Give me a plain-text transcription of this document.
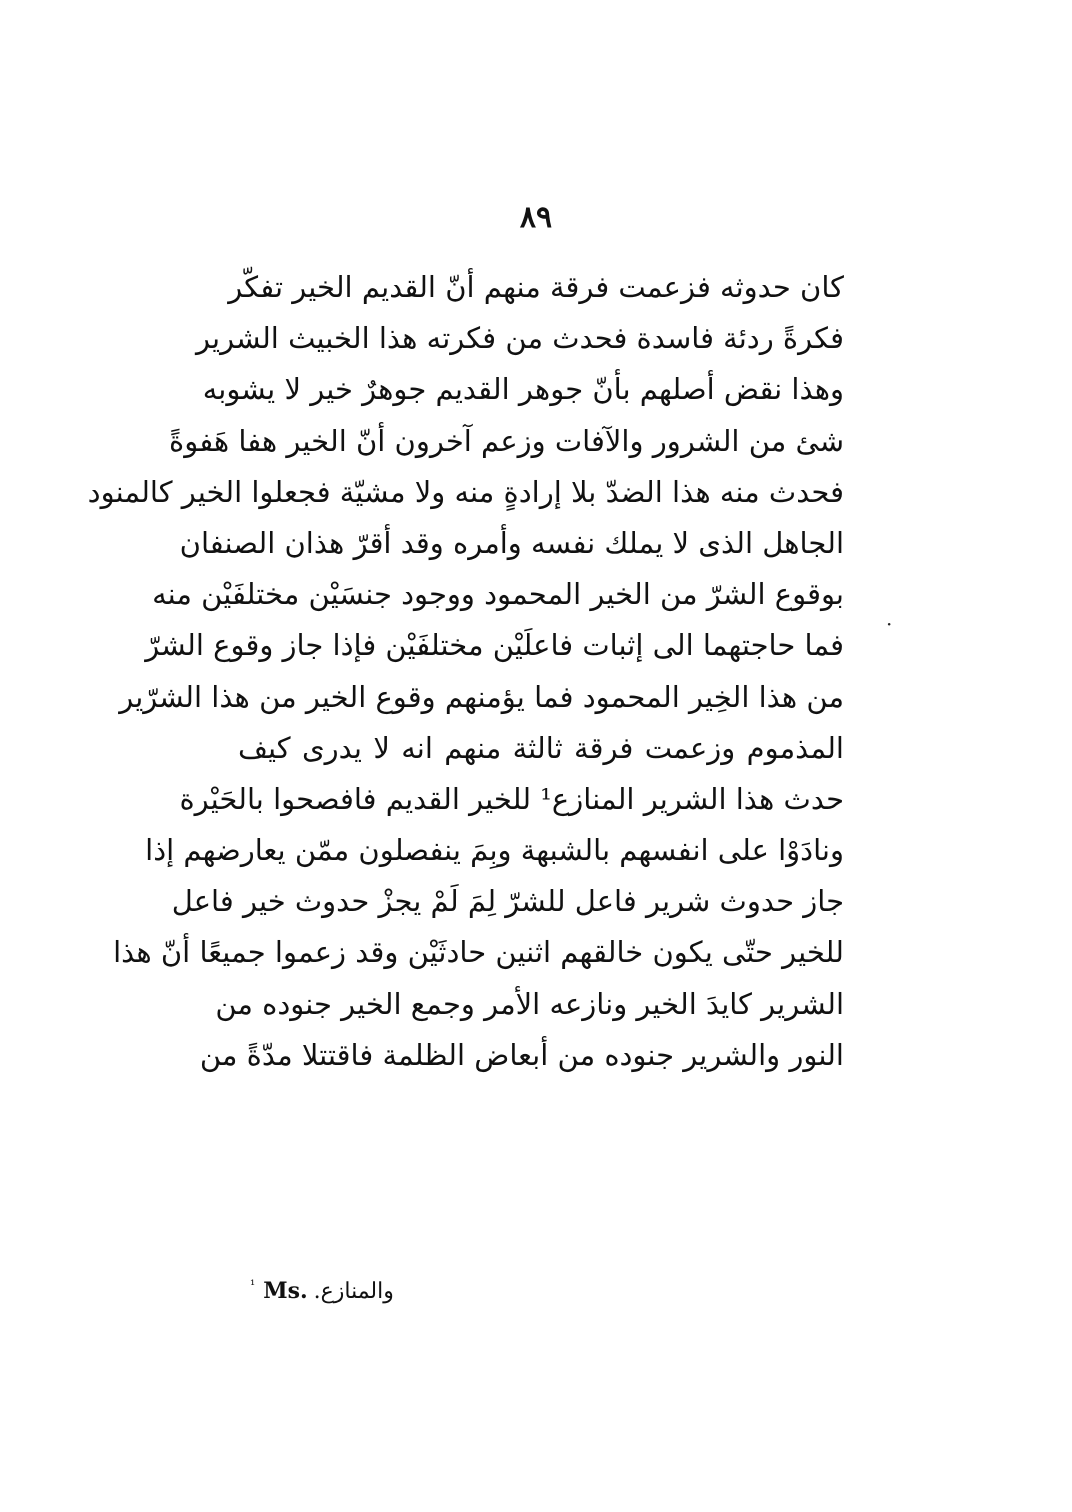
٨٩
كان حدوثه فزعمت فرقة منهم أنّ القديم الخير تفكّر
فكرةً ردئة فاسدة فحدث من فكرته هذا الخبيث الشرير
وهذا نقض أصلهم بأنّ جوهر القديم جوهرٌ خير لا يشوبه
شئ من الشرور والآفات وزعم آخرون أنّ الخير هفا هَفوةً
فحدث منه هذا الضدّ بلا إرادةٍ منه ولا مشيّة فجعلوا الخير كالمنود
الجاهل الذى لا يملك نفسه وأمره وقد أقرّ هذان الصنفان
بوقوع الشرّ من الخير المحمود ووجود جنسَيْن مختلفَيْن منه
فما حاجتهما الى إثبات فاعلَيْن مختلفَيْن فإذا جاز وقوع الشرّ
من هذا الخِير المحمود فما يؤمنهم وقوع الخير من هذا الشرّير
المذموم وزعمت فرقة ثالثة منهم انه لا يدرى كيف
حدث هذا الشرير المنازع¹ للخير القديم فافصحوا بالحَيْرة
ونادَوْا على انفسهم بالشبهة وبِمَ ينفصلون ممّن يعارضهم إذا
جاز حدوث شرير فاعل للشرّ لِمَ لَمْ يجزْ حدوث خير فاعل
للخير حتّى يكون خالقهم اثنين حادثَيْن وقد زعموا جميعًا أنّ هذا
الشرير كايدَ الخير ونازعه الأمر وجمع الخير جنوده من
النور والشرير جنوده من أبعاض الظلمة فاقتتلا مدّةً من
$^{^1}$ Ms. والمنازع.
·
